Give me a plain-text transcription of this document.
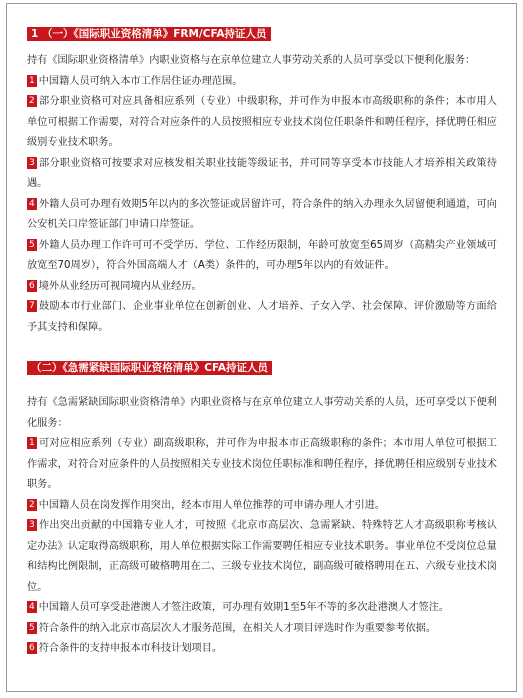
1 （一）《国际职业资格清单》FRM/CFA持证人员

持有《国际职业资格清单》内职业资格与在京单位建立人事劳动关系的人员可享受以下便利化服务：

1 中国籍人员可纳入本市工作居住证办理范围。

2 部分职业资格可对应具备相应系列（专业）中级职称，并可作为申报本市高级职称的条件；本市用人单位可根据工作需要，对符合对应条件的人员按照相应专业技术岗位任职条件和聘任程序，择优聘任相应级别专业技术职务。

3 部分职业资格可按要求对应核发相关职业技能等级证书，并可同等享受本市技能人才培养相关政策待遇。

4 外籍人员可办理有效期5年以内的多次签证或居留许可，符合条件的纳入办理永久居留便利通道，可向公安机关口岸签证部门申请口岸签证。

5 外籍人员办理工作许可可不受学历、学位、工作经历限制，年龄可放宽至65周岁（高精尖产业领域可放宽至70周岁），符合外国高端人才（A类）条件的，可办理5年以内的有效证件。

6 境外从业经历可视同境内从业经历。

7 鼓励本市行业部门、企业事业单位在创新创业、人才培养、子女入学、社会保障、评价激励等方面给予其支持和保障。

（二）《急需紧缺国际职业资格清单》CFA持证人员

持有《急需紧缺国际职业资格清单》内职业资格与在京单位建立人事劳动关系的人员，还可享受以下便利化服务：

1 可对应相应系列（专业）副高级职称，并可作为申报本市正高级职称的条件；本市用人单位可根据工作需求，对符合对应条件的人员按照相关专业技术岗位任职标准和聘任程序，择优聘任相应级别专业技术职务。

2 中国籍人员在岗发挥作用突出，经本市用人单位推荐的可申请办理人才引进。

3 作出突出贡献的中国籍专业人才，可按照《北京市高层次、急需紧缺、特殊特艺人才高级职称考核认定办法》认定取得高级职称，用人单位根据实际工作需要聘任相应专业技术职务。事业单位不受岗位总量和结构比例限制，正高级可破格聘用在二、三级专业技术岗位，副高级可破格聘用在五、六级专业技术岗位。

4 中国籍人员可享受赴港澳人才签注政策，可办理有效期1至5年不等的多次赴港澳人才签注。

5 符合条件的纳入北京市高层次人才服务范围，在相关人才项目评选时作为重要参考依据。

6 符合条件的支持申报本市科技计划项目。
